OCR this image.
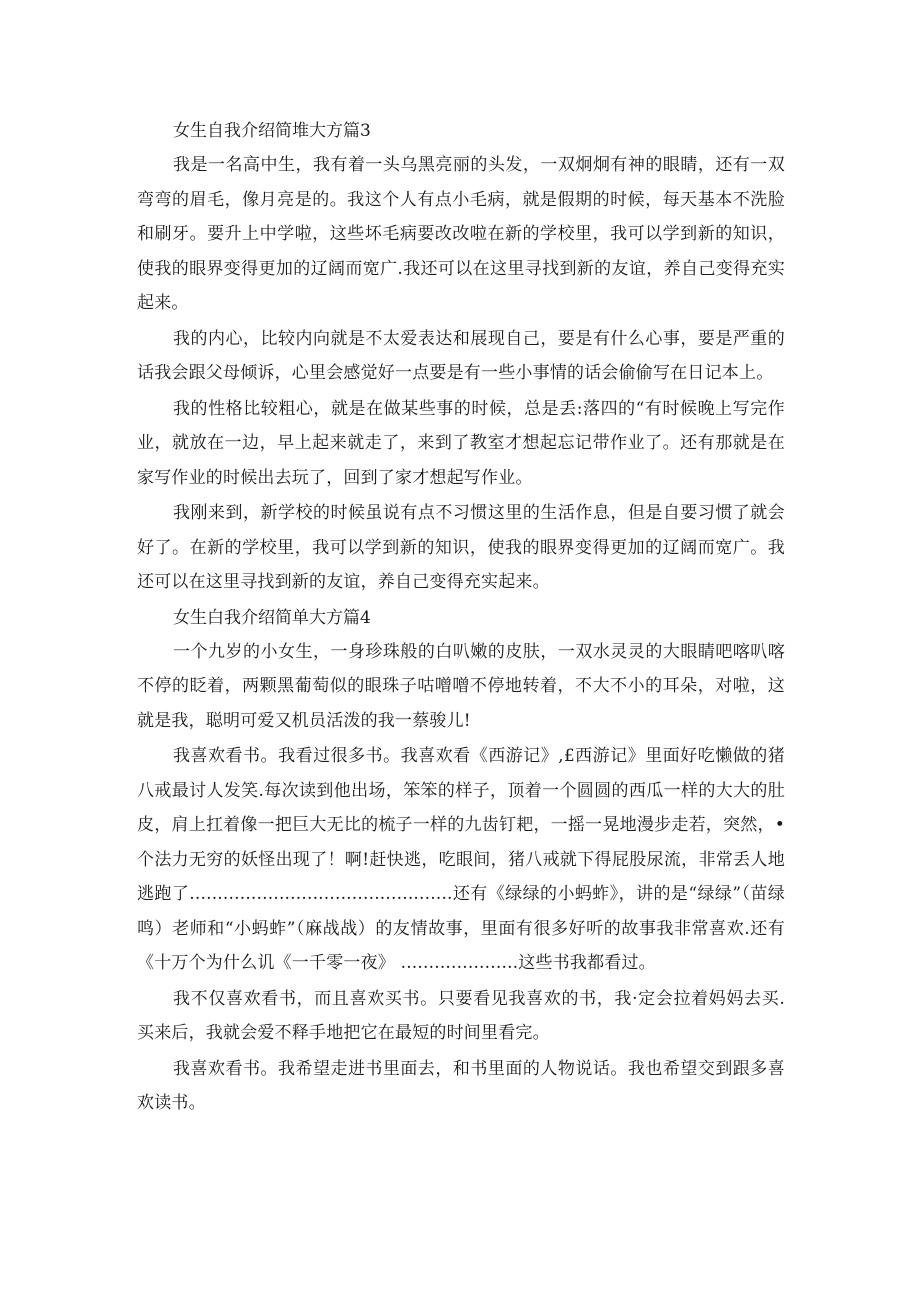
女生自我介绍简堆大方篇3

我是一名高中生，我有着一头乌黑亮丽的头发，一双炯炯有神的眼睛，还有一双弯弯的眉毛，像月亮是的。我这个人有点小毛病，就是假期的时候，每天基本不洗脸和刷牙。要升上中学啦，这些坏毛病要改改啦在新的学校里，我可以学到新的知识，使我的眼界变得更加的辽阔而宽广.我还可以在这里寻找到新的友谊，养自己变得充实起来。

我的内心，比较内向就是不太爱表达和展现自己，要是有什么心事，要是严重的话我会跟父母倾诉，心里会感觉好一点要是有一些小事情的话会偷偷写在日记本上。

我的性格比较粗心，就是在做某些事的时候，总是丢:落四的“有时候晚上写完作业，就放在一边，早上起来就走了，来到了教室才想起忘记带作业了。还有那就是在家写作业的时候出去玩了，回到了家才想起写作业。

我刚来到，新学校的时候虽说有点不习惯这里的生活作息，但是自要习惯了就会好了。在新的学校里，我可以学到新的知识，使我的眼界变得更加的辽阔而宽广。我还可以在这里寻找到新的友谊，养自己变得充实起来。

女生白我介绍简单大方篇4

一个九岁的小女生，一身珍珠般的白叭嫩的皮肤，一双水灵灵的大眼睛吧喀叭喀不停的眨着，两颗黑葡萄似的眼珠子咕噌噌不停地转着，不大不小的耳朵，对啦，这就是我，聪明可爱又机员活泼的我一蔡骏儿!

我喜欢看书。我看过很多书。我喜欢看《西游记》,£西游记》里面好吃懒做的猪八戒最讨人发笑.每次读到他出场，笨笨的样子，顶着一个圆圆的西瓜一样的大大的肚皮，肩上扛着像一把巨大无比的梳子一样的九齿钉耙，一摇一晃地漫步走若，突然，•个法力无穷的妖怪出现了！啊!赶快逃，吃眼间，猪八戒就下得屁股尿流，非常丢人地逃跑了...............................................还有《绿绿的小蚂蚱》，讲的是“绿绿”（苗绿鸣）老师和“小蚂蚱”（麻战战）的友情故事，里面有很多好听的故事我非常喜欢.还有《十万个为什么讥《一千零一夜》 .....................这些书我都看过。

我不仅喜欢看书，而且喜欢买书。只要看见我喜欢的书，我·定会拉着妈妈去买.买来后，我就会爱不释手地把它在最短的时间里看完。

我喜欢看书。我希望走进书里面去，和书里面的人物说话。我也希望交到跟多喜欢读书。
